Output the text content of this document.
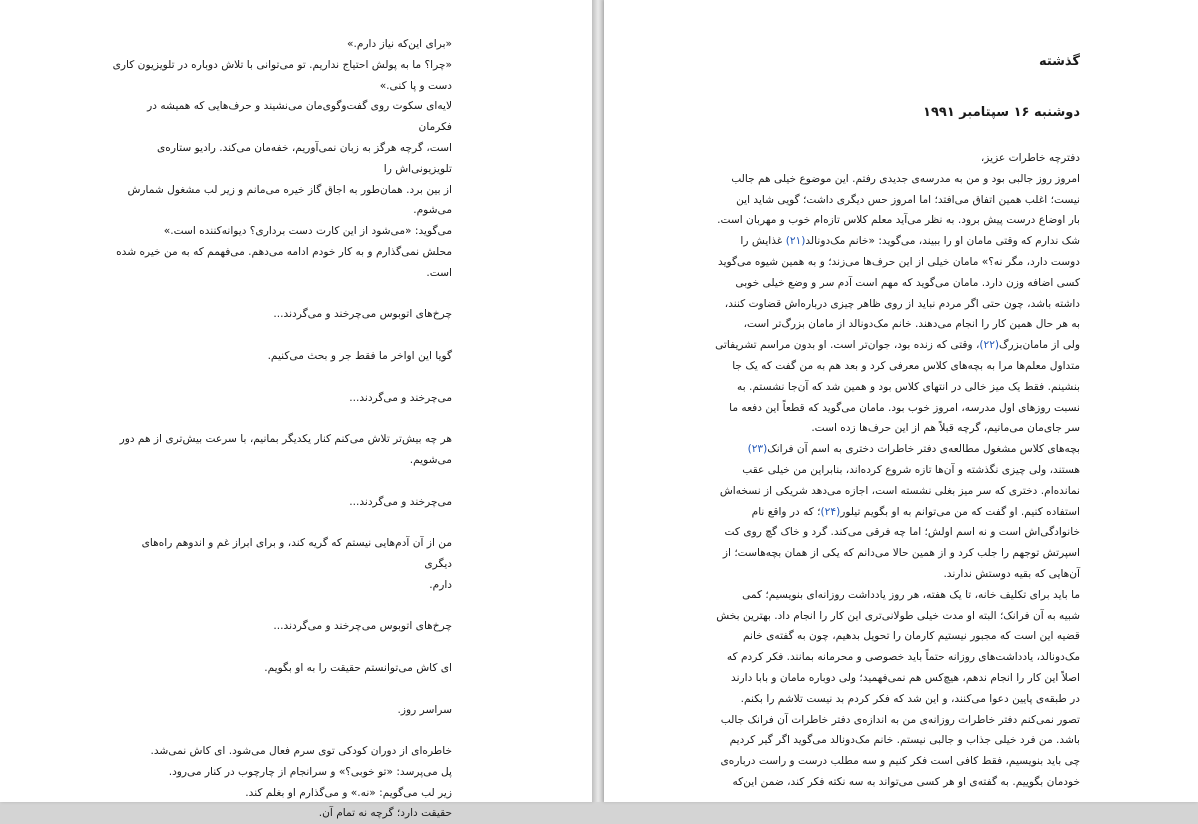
«برای این‌که نیاز دارم.»

«چرا؟ ما به پولش احتیاج نداریم. تو می‌توانی با تلاش دوباره در تلویزیون کاری

دست و پا کنی.»

لایه‌ای سکوت روی گفت‌وگوی‌مان می‌نشیند و حرف‌هایی که همیشه در فکرمان

است، گرچه هرگز به زبان نمی‌آوریم، خفه‌مان می‌کند. رادیو ستاره‌ی تلویزیونی‌اش را

از بین برد. همان‌طور به اجاق گاز خیره می‌مانم و زیر لب مشغول شمارش می‌شوم.

می‌گوید: «می‌شود از این کارت دست برداری؟ دیوانه‌کننده است.»

محلش نمی‌گذارم و به کار خودم ادامه می‌دهم. می‌فهمم که به من خیره شده است.

چرخ‌های اتوبوس می‌چرخند و می‌گردند...

گویا این اواخر ما فقط جر و بحث می‌کنیم.

می‌چرخند و می‌گردند...

هر چه بیش‌تر تلاش می‌کنم کنار یکدیگر بمانیم، با سرعت بیش‌تری از هم دور

می‌شویم.

می‌چرخند و می‌گردند...

من از آن آدم‌هایی نیستم که گریه کند، و برای ابراز غم و اندوهم راه‌های دیگری

دارم.

چرخ‌های اتوبوس می‌چرخند و می‌گردند...

ای کاش می‌توانستم حقیقت را به او بگویم.

سراسر روز.

خاطره‌ای از دوران کودکی توی سرم فعال می‌شود. ای کاش نمی‌شد.

پل می‌پرسد: «تو خوبی؟» و سرانجام از چارچوب در کنار می‌رود.

زیر لب می‌گویم: «نه.» و می‌گذارم او بغلم کند.

حقیقت دارد؛ گرچه نه تمام آن.

گذشته
دوشنبه ۱۶ سپتامبر ۱۹۹۱

دفترچه خاطرات عزیز،

امروز روز جالبی بود و من به مدرسه‌ی جدیدی رفتم. این موضوع خیلی هم جالب

نیست؛ اغلب همین اتفاق می‌افتد؛ اما امروز حس دیگری داشت؛ گویی شاید این

بار اوضاع درست پیش برود. به نظر می‌آید معلم کلاس تازه‌ام خوب و مهربان است.

شک ندارم که وقتی مامان او را ببیند، می‌گوید: «خانم مک‌دونالد(۲۱) غذایش را

دوست دارد، مگر نه؟» مامان خیلی از این حرف‌ها می‌زند؛ و به همین شیوه می‌گوید

کسی اضافه وزن دارد. مامان می‌گوید که مهم است آدم سر و وضع خیلی خوبی

داشته باشد، چون حتی اگر مردم نباید از روی ظاهر چیزی درباره‌اش قضاوت کنند،

به هر حال همین کار را انجام می‌دهند. خانم مک‌دونالد از مامان بزرگ‌تر است،

ولی از مامان‌بزرگ(۲۲)، وقتی که زنده بود، جوان‌تر است. او بدون مراسم تشریفاتی

متداول معلم‌ها مرا به بچه‌های کلاس معرفی کرد و بعد هم به من گفت که یک جا

بنشینم. فقط یک میز خالی در انتهای کلاس بود و همین شد که آن‌جا نشستم. به

نسبت روزهای اول مدرسه، امروز خوب بود. مامان می‌گوید که قطعاً این دفعه ما

سر جای‌مان می‌مانیم، گرچه قبلاً هم از این حرف‌ها زده است.

بچه‌های کلاس مشغول مطالعه‌ی دفتر خاطرات دختری به اسم آن فرانک(۲۳)

هستند، ولی چیزی نگذشته و آن‌ها تازه شروع کرده‌اند، بنابراین من خیلی عقب

نمانده‌ام. دختری که سر میز بغلی نشسته است، اجازه می‌دهد شریکی از نسخه‌اش

استفاده کنیم. او گفت که من می‌توانم به او بگویم تیلور(۲۴)؛ که در واقع نام

خانوادگی‌اش است و نه اسم اولش؛ اما چه فرقی می‌کند. گرد و خاک گچ روی کت

اسپرتش توجهم را جلب کرد و از همین حالا می‌دانم که یکی از همان بچه‌هاست؛ از

آن‌هایی که بقیه دوستش ندارند.

ما باید برای تکلیف خانه، تا یک هفته، هر روز یادداشت روزانه‌ای بنویسیم؛ کمی

شبیه به آن فرانک؛ البته او مدت خیلی طولانی‌تری این کار را انجام داد. بهترین بخش

قضیه این است که مجبور نیستیم کارمان را تحویل بدهیم، چون به گفته‌ی خانم

مک‌دونالد، یادداشت‌های روزانه حتماً باید خصوصی و محرمانه بمانند. فکر کردم که

اصلاً این کار را انجام ندهم، هیچ‌کس هم نمی‌فهمید؛ ولی دوباره مامان و بابا دارند

در طبقه‌ی پایین دعوا می‌کنند، و این شد که فکر کردم بد نیست تلاشم را بکنم.

تصور نمی‌کنم دفتر خاطرات روزانه‌ی من به اندازه‌ی دفتر خاطرات آن فرانک جالب

باشد. من فرد خیلی جذاب و جالبی نیستم. خانم مک‌دونالد می‌گوید اگر گیر کردیم

چی باید بنویسیم، فقط کافی است فکر کنیم و سه مطلب درست و راست درباره‌ی

خودمان بگوییم. به گفته‌ی او هر کسی می‌تواند به سه نکته فکر کند، ضمن این‌که
